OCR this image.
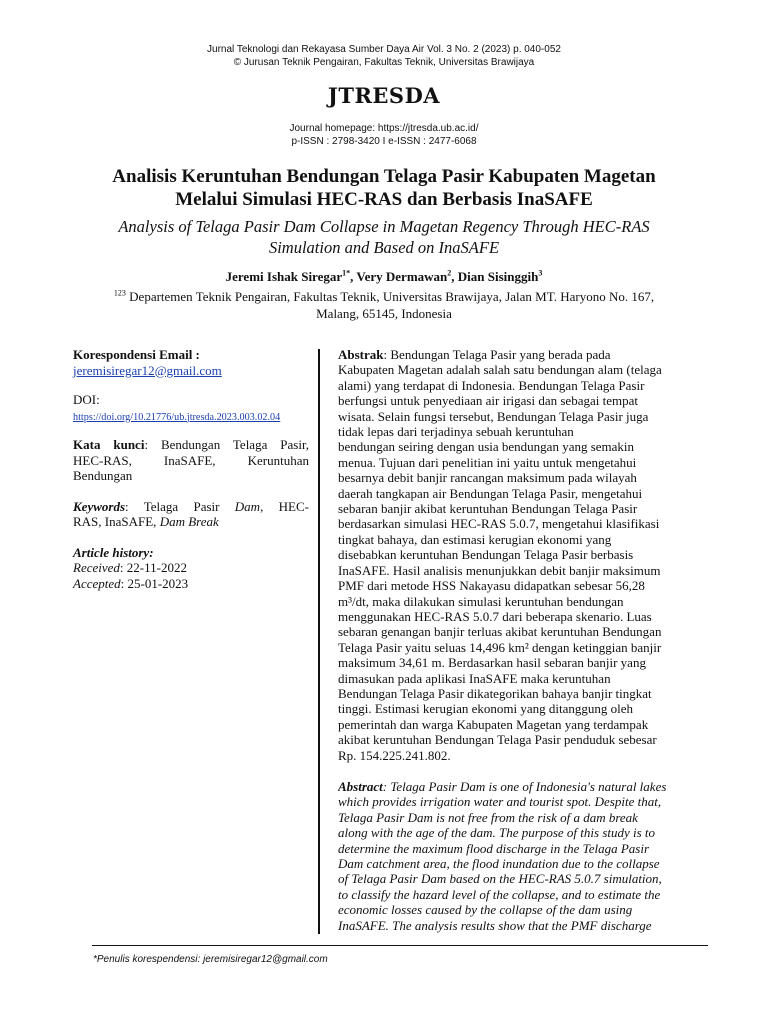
Jurnal Teknologi dan Rekayasa Sumber Daya Air Vol. 3 No. 2 (2023) p. 040-052
© Jurusan Teknik Pengairan, Fakultas Teknik, Universitas Brawijaya
JTRESDA
Journal homepage: https://jtresda.ub.ac.id/
p-ISSN : 2798-3420 I e-ISSN : 2477-6068
Analisis Keruntuhan Bendungan Telaga Pasir Kabupaten Magetan
Melalui Simulasi HEC-RAS dan Berbasis InaSAFE
Analysis of Telaga Pasir Dam Collapse in Magetan Regency Through HEC-RAS
Simulation and Based on InaSAFE
Jeremi Ishak Siregar$^{1*}$, Very Dermawan$^2$, Dian Sisinggih$^3$
$^{123}$ Departemen Teknik Pengairan, Fakultas Teknik, Universitas Brawijaya, Jalan MT. Haryono No. 167,
Malang, 65145, Indonesia

Korespondensi Email :

jeremisiregar12@gmail.com

DOI:

https://doi.org/10.21776/ub.jtresda.2023.003.02.04

Kata kunci: Bendungan Telaga Pasir,

HEC-RAS, InaSAFE, Keruntuhan

Bendungan

Keywords: Telaga Pasir Dam, HEC-

RAS, InaSAFE, Dam Break

Article history:

Received: 22-11-2022

Accepted: 25-01-2023

Abstrak: Bendungan Telaga Pasir yang berada pada
Kabupaten Magetan adalah salah satu bendungan alam (telaga
alami) yang terdapat di Indonesia. Bendungan Telaga Pasir
berfungsi untuk penyediaan air irigasi dan sebagai tempat
wisata. Selain fungsi tersebut, Bendungan Telaga Pasir juga
tidak lepas dari terjadinya sebuah keruntuhan
bendungan seiring dengan usia bendungan yang semakin
menua. Tujuan dari penelitian ini yaitu untuk mengetahui
besarnya debit banjir rancangan maksimum pada wilayah
daerah tangkapan air Bendungan Telaga Pasir, mengetahui
sebaran banjir akibat keruntuhan Bendungan Telaga Pasir
berdasarkan simulasi HEC-RAS 5.0.7, mengetahui klasifikasi
tingkat bahaya, dan estimasi kerugian ekonomi yang
disebabkan keruntuhan Bendungan Telaga Pasir berbasis
InaSAFE. Hasil analisis menunjukkan debit banjir maksimum
PMF dari metode HSS Nakayasu didapatkan sebesar 56,28
m³/dt, maka dilakukan simulasi keruntuhan bendungan
menggunakan HEC-RAS 5.0.7 dari beberapa skenario. Luas
sebaran genangan banjir terluas akibat keruntuhan Bendungan
Telaga Pasir yaitu seluas 14,496 km² dengan ketinggian banjir
maksimum 34,61 m. Berdasarkan hasil sebaran banjir yang
dimasukan pada aplikasi InaSAFE maka keruntuhan
Bendungan Telaga Pasir dikategorikan bahaya banjir tingkat
tinggi. Estimasi kerugian ekonomi yang ditanggung oleh
pemerintah dan warga Kabupaten Magetan yang terdampak
akibat keruntuhan Bendungan Telaga Pasir penduduk sebesar
Rp. 154.225.241.802.
Abstract: Telaga Pasir Dam is one of Indonesia's natural lakes
which provides irrigation water and tourist spot. Despite that,
Telaga Pasir Dam is not free from the risk of a dam break
along with the age of the dam. The purpose of this study is to
determine the maximum flood discharge in the Telaga Pasir
Dam catchment area, the flood inundation due to the collapse
of Telaga Pasir Dam based on the HEC-RAS 5.0.7 simulation,
to classify the hazard level of the collapse, and to estimate the
economic losses caused by the collapse of the dam using
InaSAFE. The analysis results show that the PMF discharge
*Penulis korespendensi: jeremisiregar12@gmail.com
